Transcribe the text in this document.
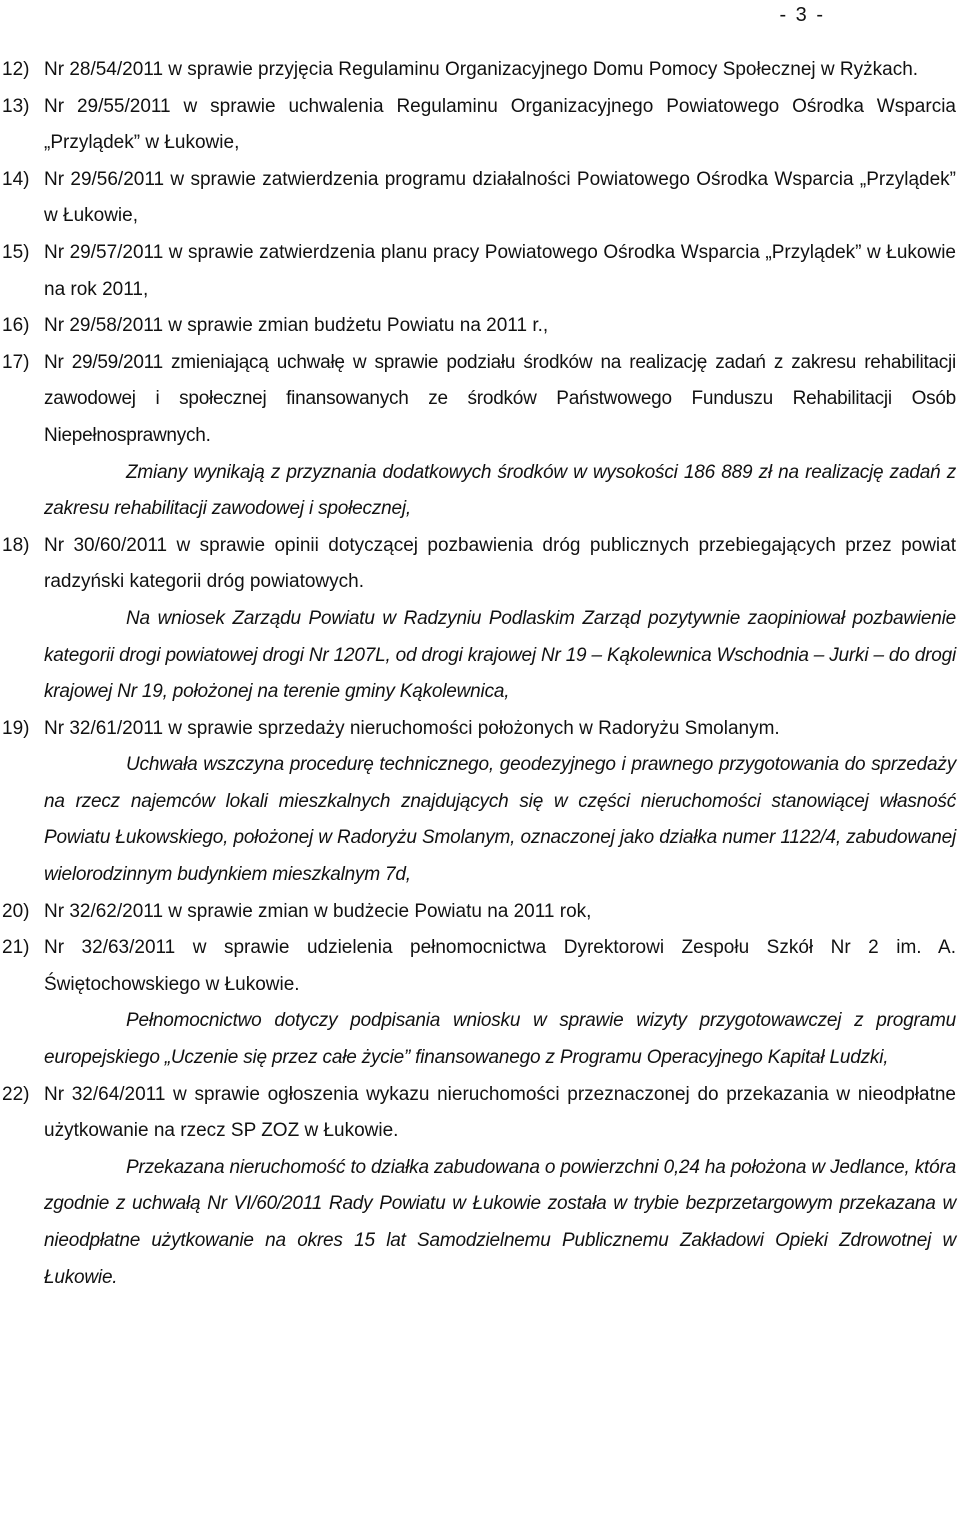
- 3 -
12) Nr 28/54/2011 w sprawie przyjęcia Regulaminu Organizacyjnego Domu Pomocy Społecznej w Ryżkach.

13) Nr 29/55/2011 w sprawie uchwalenia Regulaminu Organizacyjnego Powiatowego Ośrodka Wsparcia „Przylądek” w Łukowie,

14) Nr 29/56/2011 w sprawie zatwierdzenia programu działalności Powiatowego Ośrodka Wsparcia „Przylądek” w Łukowie,

15) Nr 29/57/2011 w sprawie zatwierdzenia planu pracy Powiatowego Ośrodka Wsparcia „Przylądek” w Łukowie na rok 2011,

16) Nr 29/58/2011 w sprawie zmian budżetu Powiatu na 2011 r.,

17) Nr 29/59/2011 zmieniającą uchwałę w sprawie podziału środków na realizację zadań z zakresu rehabilitacji zawodowej i społecznej finansowanych ze środków Państwowego Funduszu Rehabilitacji Osób Niepełnosprawnych.

Zmiany wynikają z przyznania dodatkowych środków w wysokości 186 889 zł na realizację zadań z zakresu rehabilitacji zawodowej i społecznej,

18) Nr 30/60/2011 w sprawie opinii dotyczącej pozbawienia dróg publicznych przebiegających przez powiat radzyński kategorii dróg powiatowych.

Na wniosek Zarządu Powiatu w Radzyniu Podlaskim Zarząd pozytywnie zaopiniował pozbawienie kategorii drogi powiatowej drogi Nr 1207L, od drogi krajowej Nr 19 – Kąkolewnica Wschodnia – Jurki – do drogi krajowej Nr 19, położonej na terenie gminy Kąkolewnica,

19) Nr 32/61/2011 w sprawie sprzedaży nieruchomości położonych w Radoryżu Smolanym.

Uchwała wszczyna procedurę technicznego, geodezyjnego i prawnego przygotowania do sprzedaży na rzecz najemców lokali mieszkalnych znajdujących się w części nieruchomości stanowiącej własność Powiatu Łukowskiego, położonej w Radoryżu Smolanym, oznaczonej jako działka numer 1122/4, zabudowanej wielorodzinnym budynkiem mieszkalnym 7d,

20) Nr 32/62/2011 w sprawie zmian w budżecie Powiatu na 2011 rok,

21) Nr 32/63/2011 w sprawie udzielenia pełnomocnictwa Dyrektorowi Zespołu Szkół Nr 2 im. A. Świętochowskiego w Łukowie.

Pełnomocnictwo dotyczy podpisania wniosku w sprawie wizyty przygotowawczej z programu europejskiego „Uczenie się przez całe życie” finansowanego z Programu Operacyjnego Kapitał Ludzki,

22) Nr 32/64/2011 w sprawie ogłoszenia wykazu nieruchomości przeznaczonej do przekazania w nieodpłatne użytkowanie na rzecz SP ZOZ w Łukowie.

Przekazana nieruchomość to działka zabudowana o powierzchni 0,24 ha położona w Jedlance, która zgodnie z uchwałą Nr VI/60/2011 Rady Powiatu w Łukowie została w trybie bezprzetargowym przekazana w nieodpłatne użytkowanie na okres 15 lat Samodzielnemu Publicznemu Zakładowi Opieki Zdrowotnej w Łukowie.
